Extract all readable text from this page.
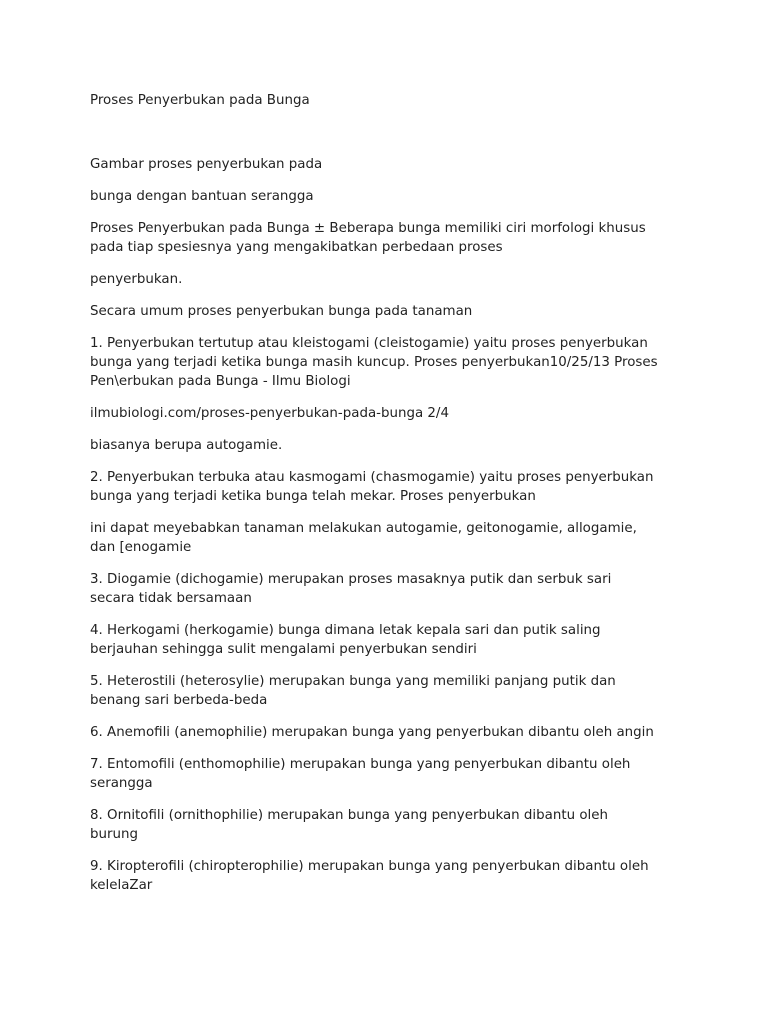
Proses Penyerbukan pada Bunga

Gambar proses penyerbukan pada

bunga dengan bantuan serangga

Proses Penyerbukan pada Bunga ± Beberapa bunga memiliki ciri morfologi khusus

pada tiap spesiesnya yang mengakibatkan perbedaan proses

penyerbukan.

Secara umum proses penyerbukan bunga pada tanaman

1. Penyerbukan tertutup atau kleistogami (cleistogamie) yaitu proses penyerbukan

bunga yang terjadi ketika bunga masih kuncup. Proses penyerbukan10/25/13 Proses

Pen\erbukan pada Bunga - Ilmu Biologi

ilmubiologi.com/proses-penyerbukan-pada-bunga 2/4

biasanya berupa autogamie.

2. Penyerbukan terbuka atau kasmogami (chasmogamie) yaitu proses penyerbukan

bunga yang terjadi ketika bunga telah mekar. Proses penyerbukan

ini dapat meyebabkan tanaman melakukan autogamie, geitonogamie, allogamie,

dan [enogamie

3. Diogamie (dichogamie) merupakan proses masaknya putik dan serbuk sari

secara tidak bersamaan

4. Herkogami (herkogamie) bunga dimana letak kepala sari dan putik saling

berjauhan sehingga sulit mengalami penyerbukan sendiri

5. Heterostili (heterosylie) merupakan bunga yang memiliki panjang putik dan

benang sari berbeda-beda

6. Anemofili (anemophilie) merupakan bunga yang penyerbukan dibantu oleh angin

7. Entomofili (enthomophilie) merupakan bunga yang penyerbukan dibantu oleh

serangga

8. Ornitofili (ornithophilie) merupakan bunga yang penyerbukan dibantu oleh

burung

9. Kiropterofili (chiropterophilie) merupakan bunga yang penyerbukan dibantu oleh

kelelaZar
